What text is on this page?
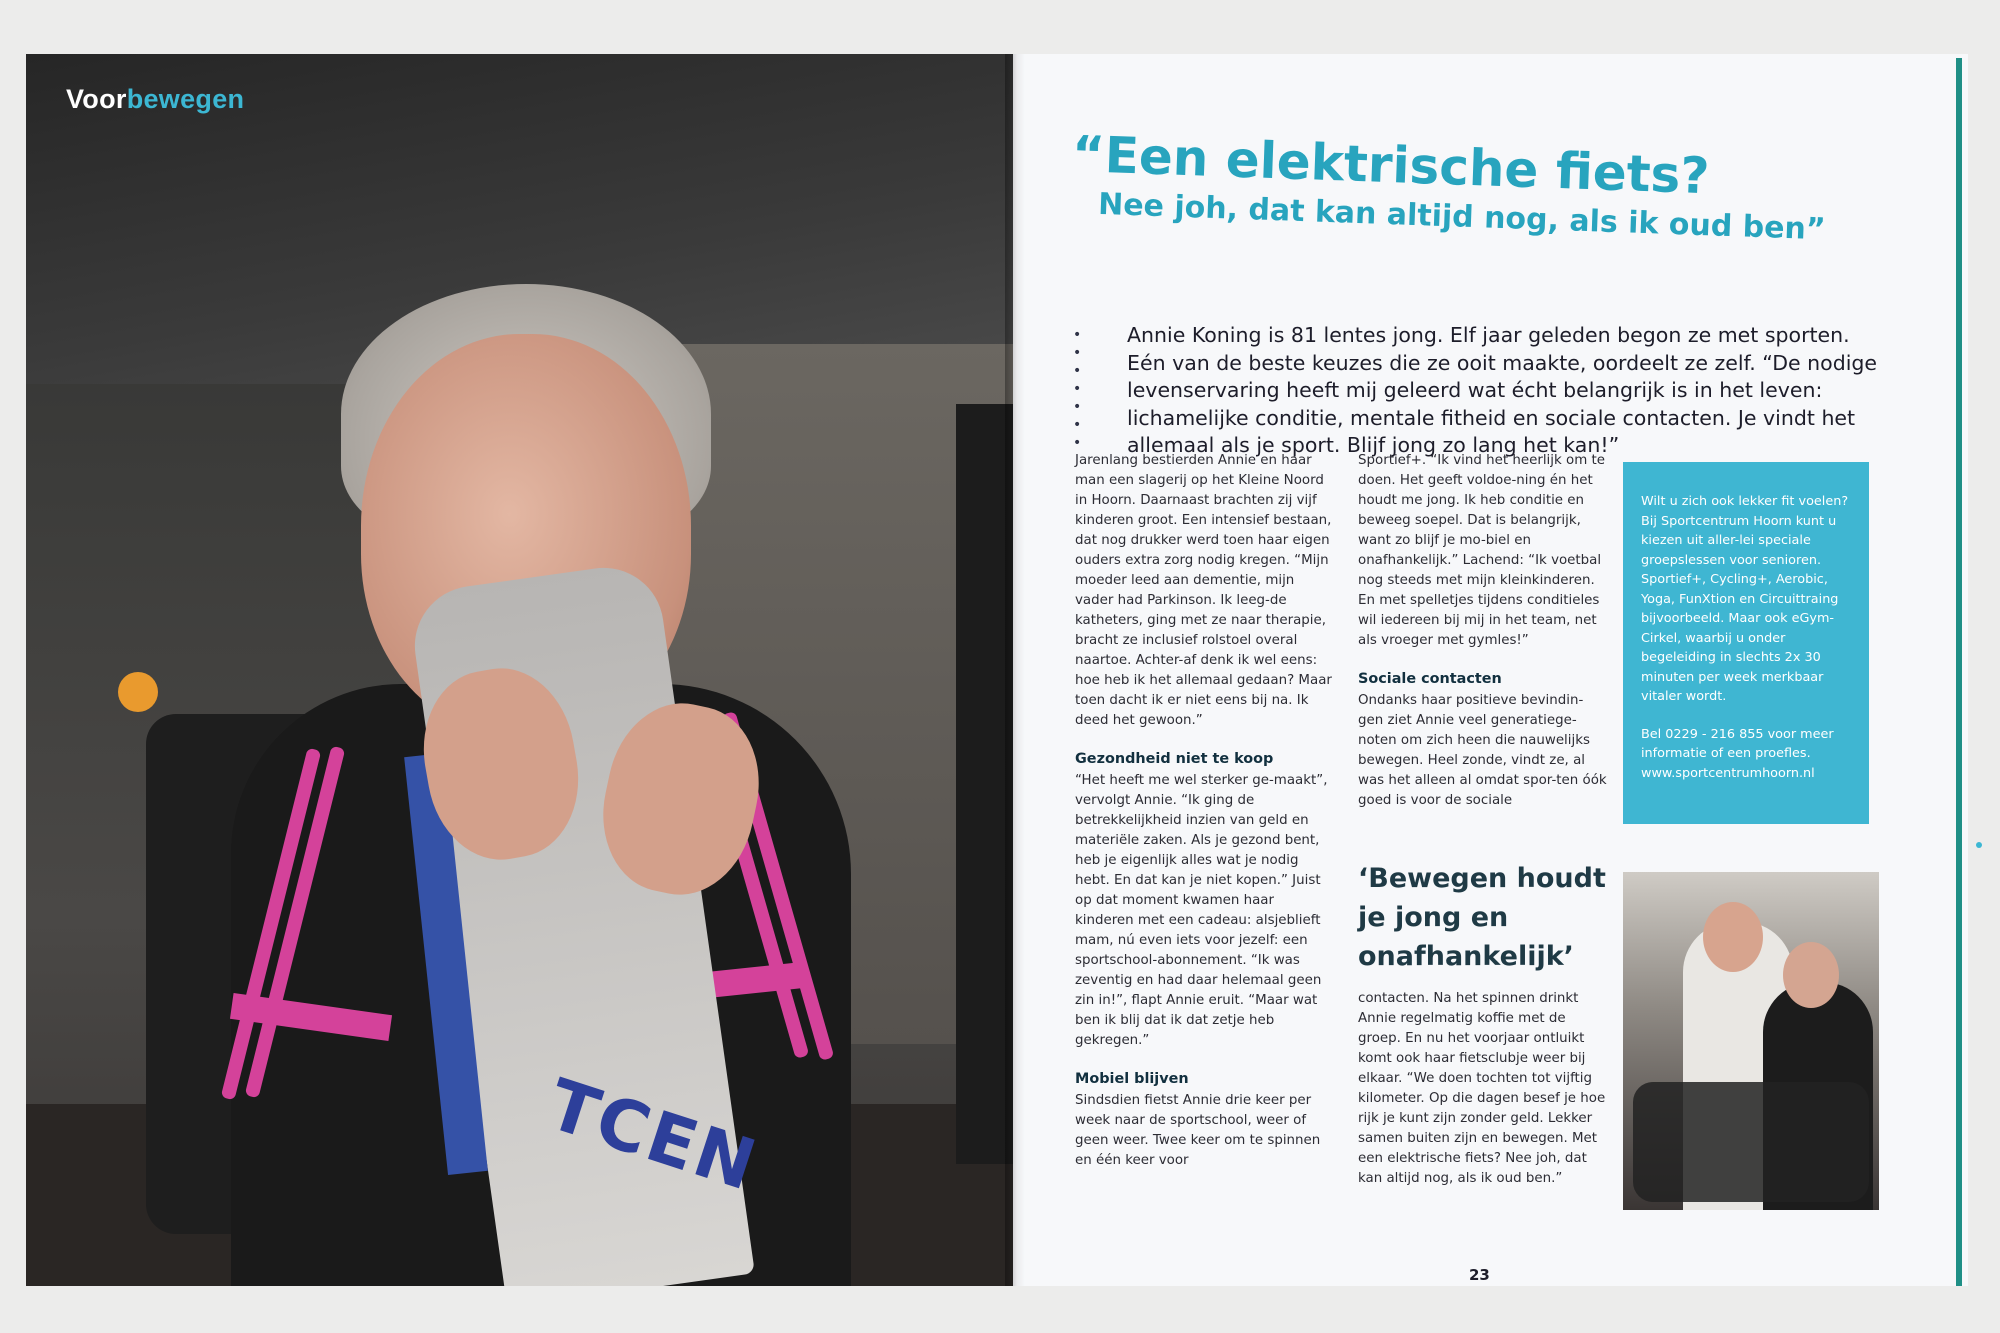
TCEN
Voorbewegen
“Een elektrische fiets?
Nee joh, dat kan altijd nog, als ik oud ben”
•
•
•
•
•
•
•
Annie Koning is 81 lentes jong. Elf jaar geleden begon ze met sporten. Eén van de beste keuzes die ze ooit maakte, oordeelt ze zelf. “De nodige levenservaring heeft mij geleerd wat écht belangrijk is in het leven: lichamelijke conditie, mentale fitheid en sociale contacten. Je vindt het allemaal als je sport. Blijf jong zo lang het kan!”

Jarenlang bestierden Annie en haar man een slagerij op het Kleine Noord in Hoorn. Daarnaast brachten zij vijf kinderen groot. Een intensief bestaan, dat nog drukker werd toen haar eigen ouders extra zorg nodig kregen. “Mijn moeder leed aan dementie, mijn vader had Parkinson. Ik leeg-de katheters, ging met ze naar therapie, bracht ze inclusief rolstoel overal naartoe. Achter-af denk ik wel eens: hoe heb ik het allemaal gedaan? Maar toen dacht ik er niet eens bij na. Ik deed het gewoon.”

Gezondheid niet te koop

“Het heeft me wel sterker ge-maakt”, vervolgt Annie. “Ik ging de betrekkelijkheid inzien van geld en materiële zaken. Als je gezond bent, heb je eigenlijk alles wat je nodig hebt. En dat kan je niet kopen.” Juist op dat moment kwamen haar kinderen met een cadeau: alsjeblieft mam, nú even iets voor jezelf: een sportschool-abonnement. “Ik was zeventig en had daar helemaal geen zin in!”, flapt Annie eruit. “Maar wat ben ik blij dat ik dat zetje heb gekregen.”

Mobiel blijven

Sindsdien fietst Annie drie keer per week naar de sportschool, weer of geen weer. Twee keer om te spinnen en één keer voor

Sportief+. “Ik vind het heerlijk om te doen. Het geeft voldoe-ning én het houdt me jong. Ik heb conditie en beweeg soepel. Dat is belangrijk, want zo blijf je mo-biel en onafhankelijk.” Lachend: “Ik voetbal nog steeds met mijn kleinkinderen. En met spelletjes tijdens conditieles wil iedereen bij mij in het team, net als vroeger met gymles!”

Sociale contacten

Ondanks haar positieve bevindin-gen ziet Annie veel generatiege-noten om zich heen die nauwelijks bewegen. Heel zonde, vindt ze, al was het alleen al omdat spor-ten óók goed is voor de sociale

‘Bewegen houdt je jong en onafhankelijk’

contacten. Na het spinnen drinkt Annie regelmatig koffie met de groep. En nu het voorjaar ontluikt komt ook haar fietsclubje weer bij elkaar. “We doen tochten tot vijftig kilometer. Op die dagen besef je hoe rijk je kunt zijn zonder geld. Lekker samen buiten zijn en bewegen. Met een elektrische fiets? Nee joh, dat kan altijd nog, als ik oud ben.”

Wilt u zich ook lekker fit voelen? Bij Sportcentrum Hoorn kunt u kiezen uit aller-lei speciale groepslessen voor senioren. Sportief+, Cycling+, Aerobic, Yoga, FunXtion en Circuittraing bijvoorbeeld. Maar ook eGym-Cirkel, waarbij u onder begeleiding in slechts 2x 30 minuten per week merkbaar vitaler wordt.

Bel 0229 - 216 855 voor meer informatie of een proefles. www.sportcentrumhoorn.nl

23
